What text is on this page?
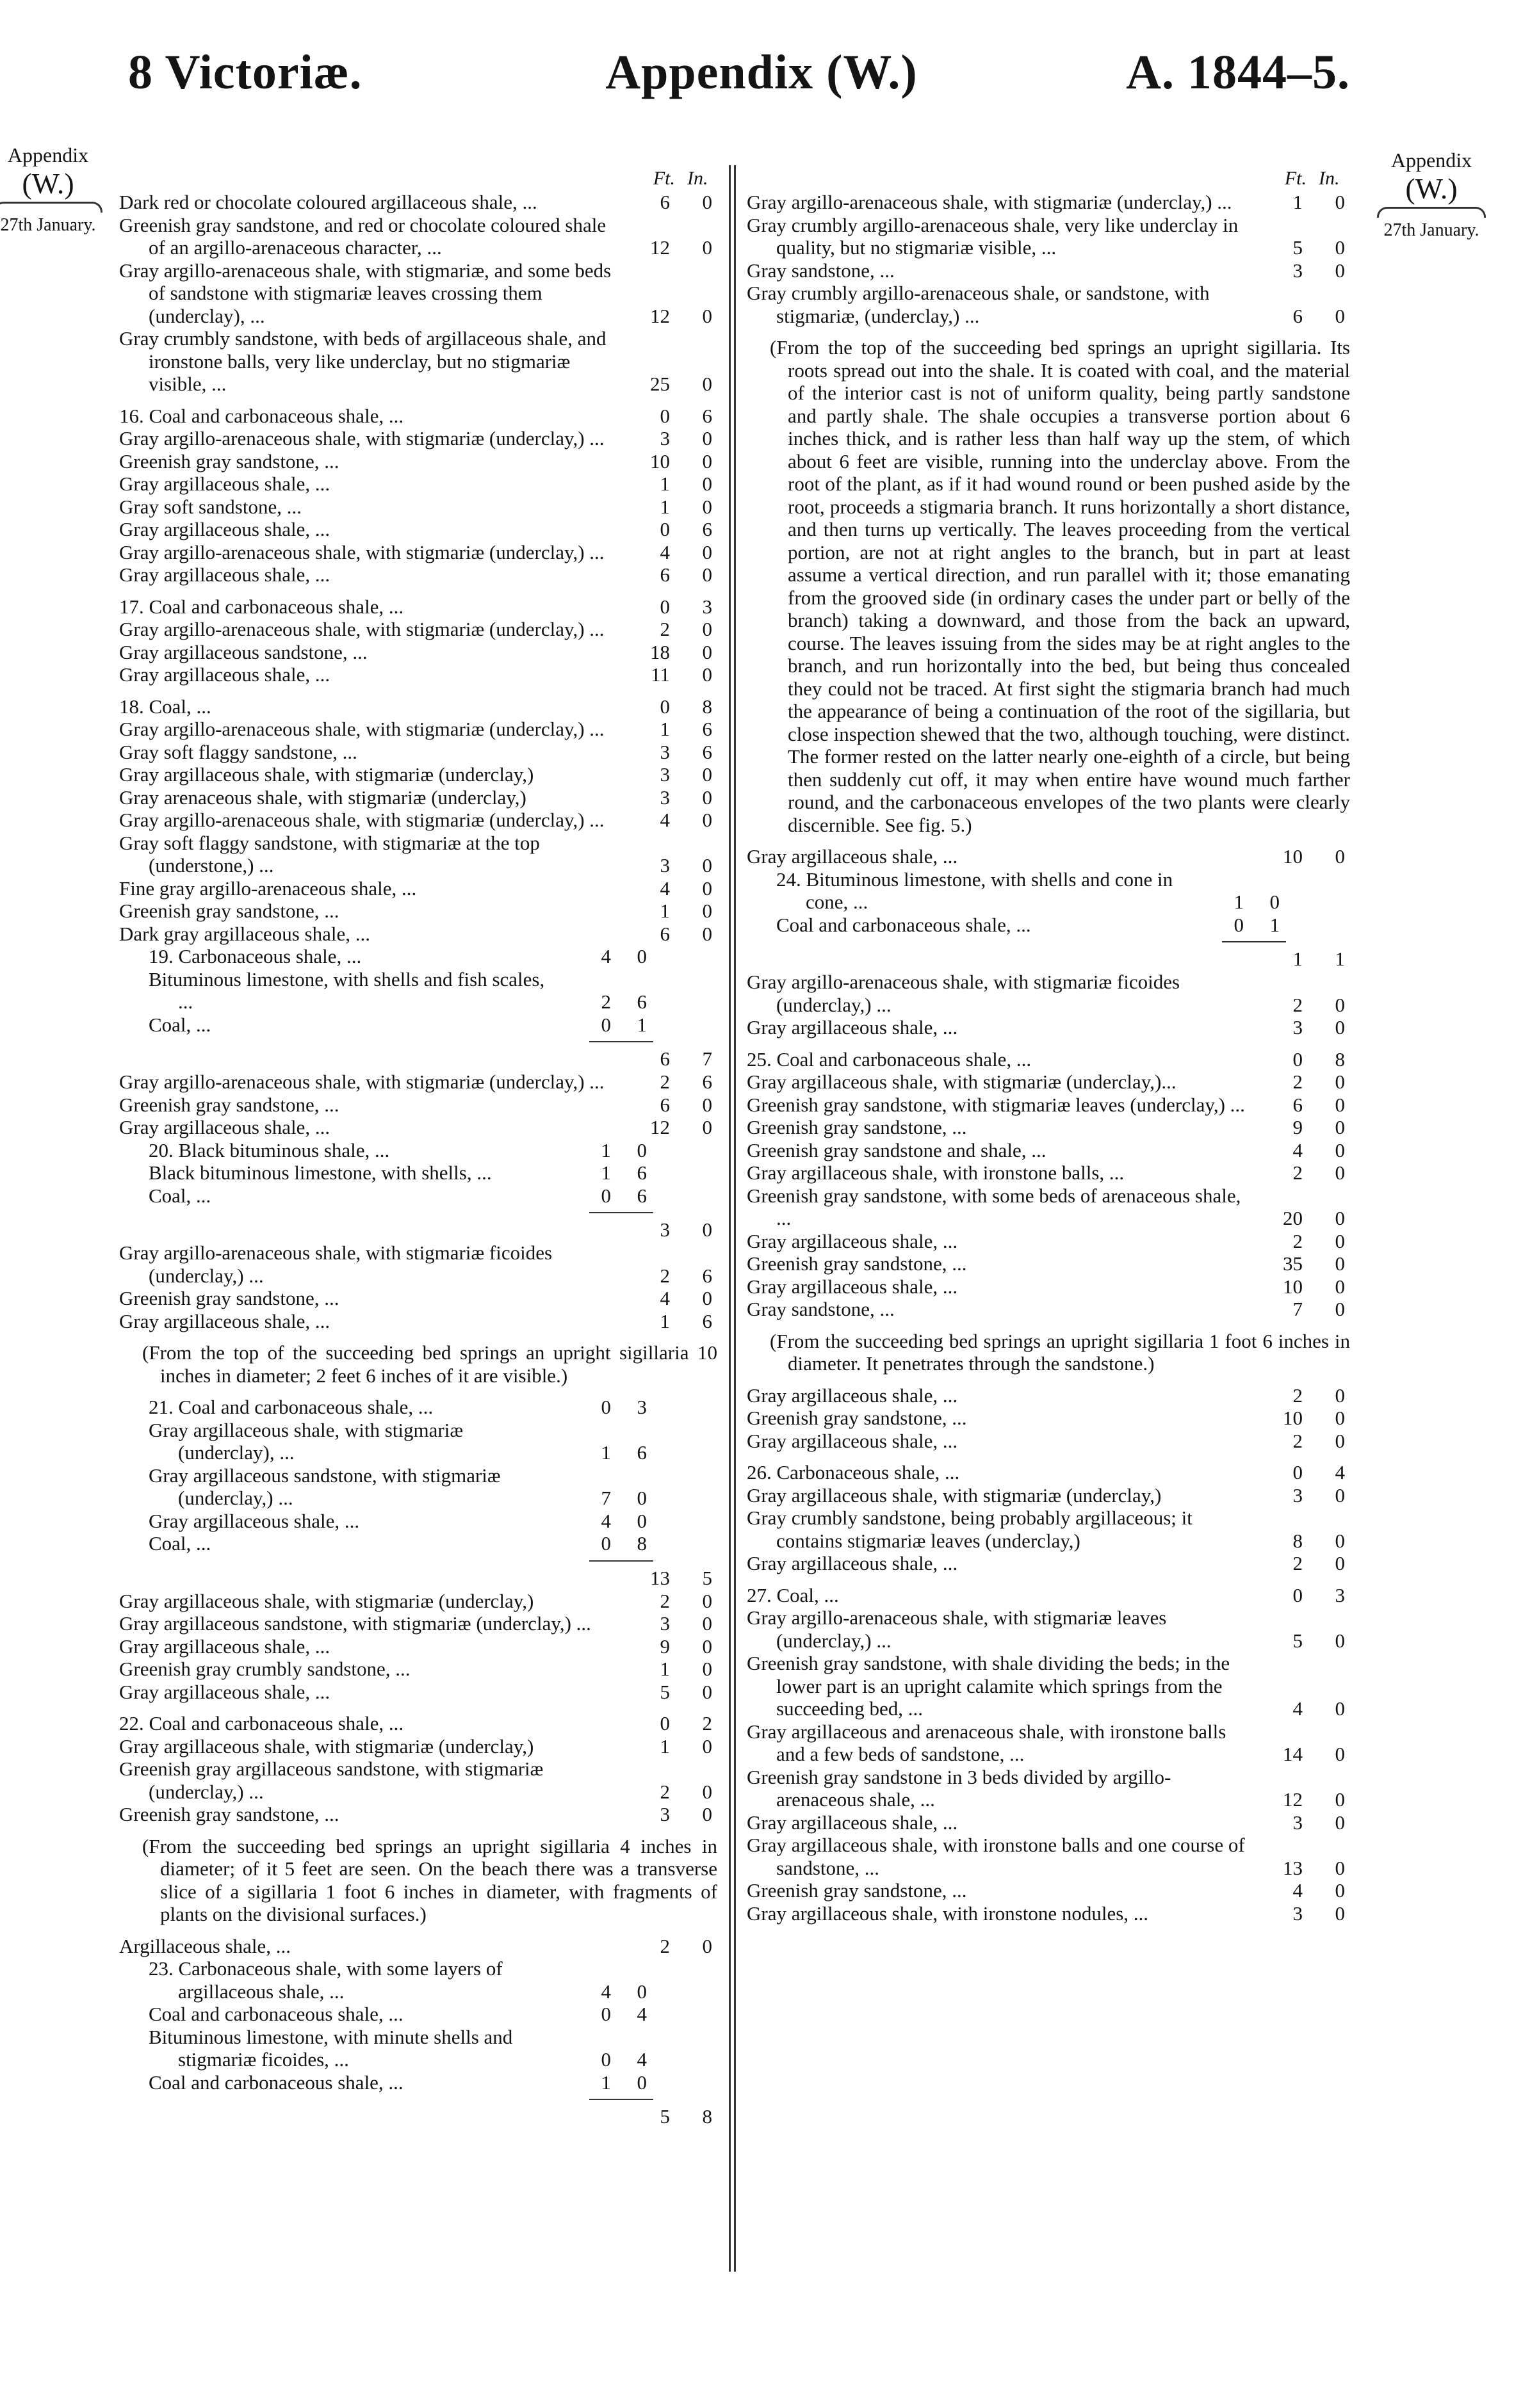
8 Victoriæ.	Appendix (W.)	A. 1844–5.
Appendix
(W.)
27th January.
Appendix
(W.)
27th January.
Ft. In.	Ft. In.
Dark red or chocolate coloured argillaceous shale, ...	6	0
Greenish gray sandstone, and red or chocolate coloured shale of an argillo-arenaceous character, ...	12	0
Gray argillo-arenaceous shale, with stigmariæ, and some beds of sandstone with stigmariæ leaves crossing them (underclay), ...	12	0
Gray crumbly sandstone, with beds of argillaceous shale, and ironstone balls, very like underclay, but no stigmariæ visible, ...	25	0
16. Coal and carbonaceous shale, ...	0	6
Gray argillo-arenaceous shale, with stigmariæ (underclay,) ...	3	0
Greenish gray sandstone, ...	10	0
Gray argillaceous shale, ...	1	0
Gray soft sandstone, ...	1	0
Gray argillaceous shale, ...	0	6
Gray argillo-arenaceous shale, with stigmariæ (underclay,) ...	4	0
Gray argillaceous shale, ...	6	0
17. Coal and carbonaceous shale, ...	0	3
Gray argillo-arenaceous shale, with stigmariæ (underclay,) ...	2	0
Gray argillaceous sandstone, ...	18	0
Gray argillaceous shale, ...	11	0
18. Coal, ...	0	8
Gray argillo-arenaceous shale, with stigmariæ (underclay,) ...	1	6
Gray soft flaggy sandstone, ...	3	6
Gray argillaceous shale, with stigmariæ (underclay,)	3	0
Gray arenaceous shale, with stigmariæ (underclay,)	3	0
Gray argillo-arenaceous shale, with stigmariæ (underclay,) ...	4	0
Gray soft flaggy sandstone, with stigmariæ at the top (understone,) ...	3	0
Fine gray argillo-arenaceous shale, ...	4	0
Greenish gray sandstone, ...	1	0
Dark gray argillaceous shale, ...	6	0
19. Carbonaceous shale, ...	4	0
Bituminous limestone, with shells and fish scales, ...	2	6
Coal, ...	0	1
6	7
Gray argillo-arenaceous shale, with stigmariæ (underclay,) ...	2	6
Greenish gray sandstone, ...	6	0
Gray argillaceous shale, ...	12	0
20. Black bituminous shale, ...	1	0
Black bituminous limestone, with shells, ...	1	6
Coal, ...	0	6
3	0
Gray argillo-arenaceous shale, with stigmariæ ficoides (underclay,) ...	2	6
Greenish gray sandstone, ...	4	0
Gray argillaceous shale, ...	1	6
(From the top of the succeeding bed springs an upright sigillaria 10 inches in diameter; 2 feet 6 inches of it are visible.)
21. Coal and carbonaceous shale, ...	0	3
Gray argillaceous shale, with stigmariæ (underclay), ...	1	6
Gray argillaceous sandstone, with stigmariæ (underclay,) ...	7	0
Gray argillaceous shale, ...	4	0
Coal, ...	0	8
13	5
Gray argillaceous shale, with stigmariæ (underclay,)	2	0
Gray argillaceous sandstone, with stigmariæ (underclay,) ...	3	0
Gray argillaceous shale, ...	9	0
Greenish gray crumbly sandstone, ...	1	0
Gray argillaceous shale, ...	5	0
22. Coal and carbonaceous shale, ...	0	2
Gray argillaceous shale, with stigmariæ (underclay,)	1	0
Greenish gray argillaceous sandstone, with stigmariæ (underclay,) ...	2	0
Greenish gray sandstone, ...	3	0
(From the succeeding bed springs an upright sigillaria 4 inches in diameter; of it 5 feet are seen. On the beach there was a transverse slice of a sigillaria 1 foot 6 inches in diameter, with fragments of plants on the divisional surfaces.)
Argillaceous shale, ...	2	0
23. Carbonaceous shale, with some layers of argillaceous shale, ...	4	0
Coal and carbonaceous shale, ...	0	4
Bituminous limestone, with minute shells and stigmariæ ficoides, ...	0	4
Coal and carbonaceous shale, ...	1	0
5	8
Gray argillo-arenaceous shale, with stigmariæ (underclay,) ...	1	0
Gray crumbly argillo-arenaceous shale, very like underclay in quality, but no stigmariæ visible, ...	5	0
Gray sandstone, ...	3	0
Gray crumbly argillo-arenaceous shale, or sandstone, with stigmariæ, (underclay,) ...	6	0
(From the top of the succeeding bed springs an upright sigillaria. Its roots spread out into the shale. It is coated with coal, and the material of the interior cast is not of uniform quality, being partly sandstone and partly shale. The shale occupies a transverse portion about 6 inches thick, and is rather less than half way up the stem, of which about 6 feet are visible, running into the underclay above. From the root of the plant, as if it had wound round or been pushed aside by the root, proceeds a stigmaria branch. It runs horizontally a short distance, and then turns up vertically. The leaves proceeding from the vertical portion, are not at right angles to the branch, but in part at least assume a vertical direction, and run parallel with it; those emanating from the grooved side (in ordinary cases the under part or belly of the branch) taking a downward, and those from the back an upward, course. The leaves issuing from the sides may be at right angles to the branch, and run horizontally into the bed, but being thus concealed they could not be traced. At first sight the stigmaria branch had much the appearance of being a continuation of the root of the sigillaria, but close inspection shewed that the two, although touching, were distinct. The former rested on the latter nearly one-eighth of a circle, but being then suddenly cut off, it may when entire have wound much farther round, and the carbonaceous envelopes of the two plants were clearly discernible. See fig. 5.)
Gray argillaceous shale, ...	10	0
24. Bituminous limestone, with shells and cone in cone, ...	1	0
Coal and carbonaceous shale, ...	0	1
1	1
Gray argillo-arenaceous shale, with stigmariæ ficoides (underclay,) ...	2	0
Gray argillaceous shale, ...	3	0
25. Coal and carbonaceous shale, ...	0	8
Gray argillaceous shale, with stigmariæ (underclay,)...	2	0
Greenish gray sandstone, with stigmariæ leaves (underclay,) ...	6	0
Greenish gray sandstone, ...	9	0
Greenish gray sandstone and shale, ...	4	0
Gray argillaceous shale, with ironstone balls, ...	2	0
Greenish gray sandstone, with some beds of arenaceous shale, ...	20	0
Gray argillaceous shale, ...	2	0
Greenish gray sandstone, ...	35	0
Gray argillaceous shale, ...	10	0
Gray sandstone, ...	7	0
(From the succeeding bed springs an upright sigillaria 1 foot 6 inches in diameter. It penetrates through the sandstone.)
Gray argillaceous shale, ...	2	0
Greenish gray sandstone, ...	10	0
Gray argillaceous shale, ...	2	0
26. Carbonaceous shale, ...	0	4
Gray argillaceous shale, with stigmariæ (underclay,)	3	0
Gray crumbly sandstone, being probably argillaceous; it contains stigmariæ leaves (underclay,)	8	0
Gray argillaceous shale, ...	2	0
27. Coal, ...	0	3
Gray argillo-arenaceous shale, with stigmariæ leaves (underclay,) ...	5	0
Greenish gray sandstone, with shale dividing the beds; in the lower part is an upright calamite which springs from the succeeding bed, ...	4	0
Gray argillaceous and arenaceous shale, with ironstone balls and a few beds of sandstone, ...	14	0
Greenish gray sandstone in 3 beds divided by argillo-arenaceous shale, ...	12	0
Gray argillaceous shale, ...	3	0
Gray argillaceous shale, with ironstone balls and one course of sandstone, ...	13	0
Greenish gray sandstone, ...	4	0
Gray argillaceous shale, with ironstone nodules, ...	3	0
